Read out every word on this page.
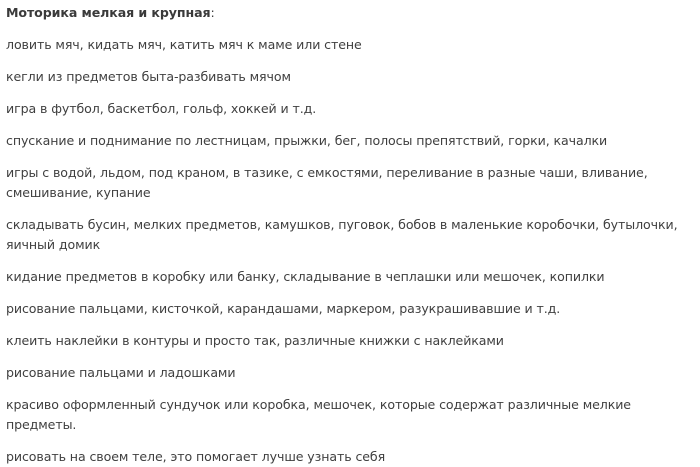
Моторика мелкая и крупная:

ловить мяч, кидать мяч, катить мяч к маме или стене

кегли из предметов быта-разбивать мячом

игра в футбол, баскетбол, гольф, хоккей и т.д.

спускание и поднимание по лестницам, прыжки, бег, полосы препятствий, горки, качалки

игры с водой, льдом, под краном, в тазике, с емкостями, переливание в разные чаши, вливание, смешивание, купание

складывать бусин, мелких предметов, камушков, пуговок, бобов в маленькие коробочки, бутылочки, яичный домик

кидание предметов в коробку или банку, складывание в чеплашки или мешочек, копилки

рисование пальцами, кисточкой, карандашами, маркером, разукрашивавшие и т.д.

клеить наклейки в контуры и просто так, различные книжки с наклейками

рисование пальцами и ладошками

красиво оформленный сундучок или коробка, мешочек, которые содержат различные мелкие предметы.

рисовать на своем теле, это помогает лучше узнать себя
